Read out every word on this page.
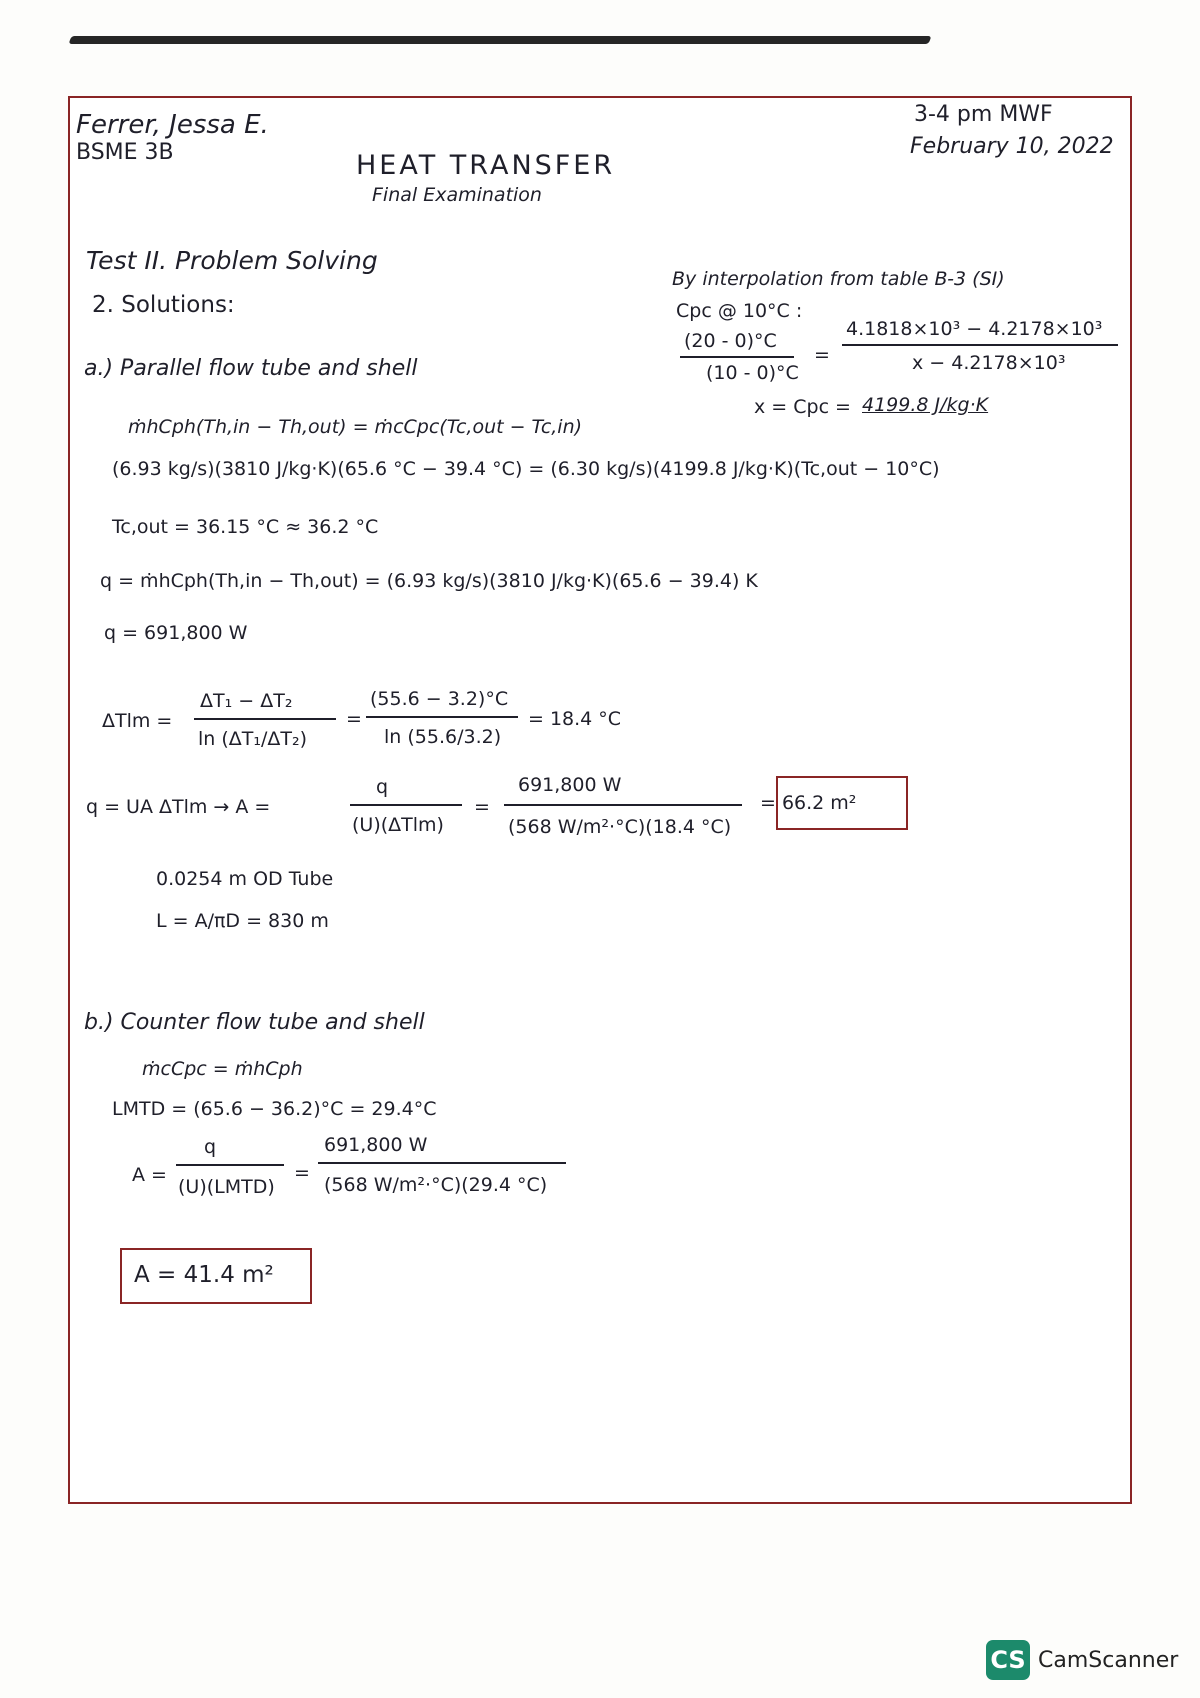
Ferrer, Jessa E.
BSME 3B	HEAT TRANSFER
Final Examination
3-4 pm MWF
February 10, 2022
Test II. Problem Solving
2. Solutions:
By interpolation from table B-3 (SI)
Cpc @ 10°C :
(20 - 0)°C
(10 - 0)°C
=
4.1818×10³ − 4.2178×10³
x − 4.2178×10³
x = Cpc = 4199.8 J/kg·K
a.) Parallel flow tube and shell
ṁhCph(Th,in − Th,out) = ṁcCpc(Tc,out − Tc,in)
(6.93 kg/s)(3810 J/kg·K)(65.6 °C − 39.4 °C) = (6.30 kg/s)(4199.8 J/kg·K)(Tc,out − 10°C)
Tc,out = 36.15 °C ≈ 36.2 °C
q = ṁhCph(Th,in − Th,out) = (6.93 kg/s)(3810 J/kg·K)(65.6 − 39.4) K
q = 691,800 W
ΔTlm =
ΔT₁ − ΔT₂
ln (ΔT₁/ΔT₂)
=
(55.6 − 3.2)°C
ln (55.6/3.2)
= 18.4 °C
q = UA ΔTlm → A =
q
(U)(ΔTlm)
=
691,800 W
(568 W/m²·°C)(18.4 °C)
= 66.2 m²
0.0254 m OD Tube
L = A/πD = 830 m
b.) Counter flow tube and shell
ṁcCpc = ṁhCph
LMTD = (65.6 − 36.2)°C = 29.4°C
A =
q
(U)(LMTD)
=
691,800 W
(568 W/m²·°C)(29.4 °C)
A = 41.4 m²
CS CamScanner
